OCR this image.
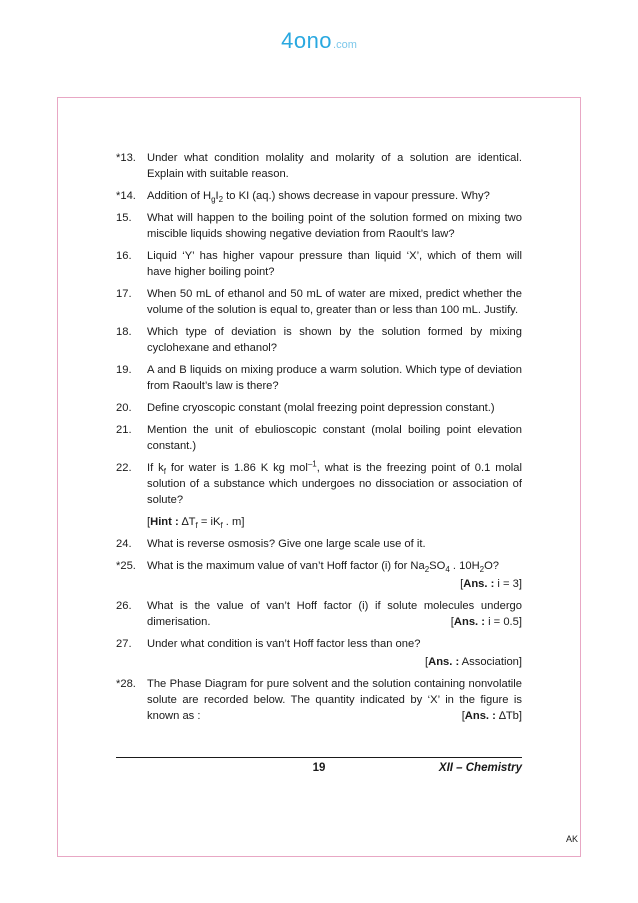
4ono .com
*13. Under what condition molality and molarity of a solution are identical. Explain with suitable reason.
*14. Addition of $H_gI_2$ to KI (aq.) shows decrease in vapour pressure. Why?
15.	What will happen to the boiling point of the solution formed on mixing two miscible liquids showing negative deviation from Raoult’s law?
16.	Liquid ‘Y’ has higher vapour pressure than liquid ‘X’, which of them will have higher boiling point?
17.	When 50 mL of ethanol and 50 mL of water are mixed, predict whether the volume of the solution is equal to, greater than or less than 100 mL. Justify.
18.	Which type of deviation is shown by the solution formed by mixing cyclohexane and ethanol?
19.	A and B liquids on mixing produce a warm solution. Which type of deviation from Raoult’s law is there?
20.	Define cryoscopic constant (molal freezing point depression constant.)
21.	Mention the unit of ebulioscopic constant (molal boiling point elevation constant.)
22.	If $k_f$ for water is 1.86 K kg mol$^{-1}$, what is the freezing point of 0.1 molal solution of a substance which undergoes no dissociation or association of solute?
[Hint : $\Delta T_f = iK_f$ . m]
24.	What is reverse osmosis? Give one large scale use of it.
*25. What is the maximum value of van’t Hoff factor (i) for $Na_2SO_4$ . $10H_2O$?
[Ans. : i = 3]
26.	What is the value of van’t Hoff factor (i) if solute molecules undergo dimerisation.	[Ans. : i = 0.5]
27.	Under what condition is van’t Hoff factor less than one?
[Ans. : Association]
*28. The Phase Diagram for pure solvent and the solution containing nonvolatile solute are recorded below. The quantity indicated by ‘X’ in the figure is known as :	[Ans. : ∆Tb]
19	XII – Chemistry
AK
